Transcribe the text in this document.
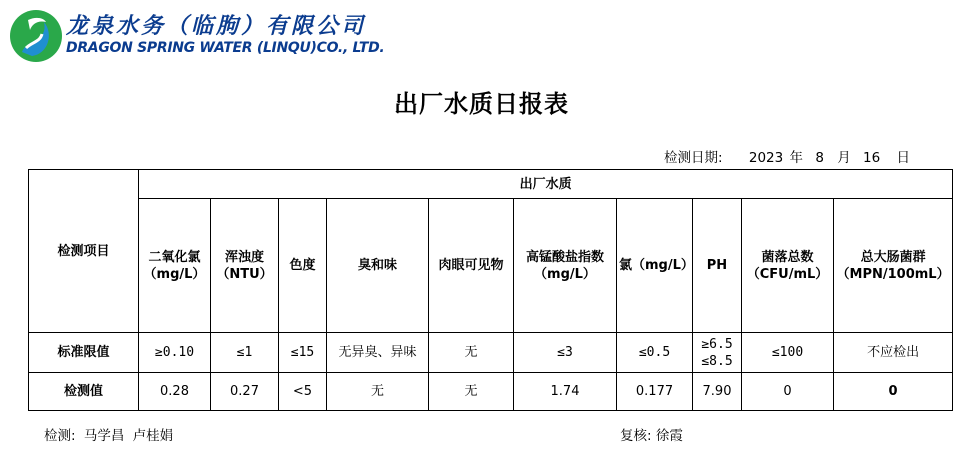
龙泉水务（临朐）有限公司
DRAGON SPRING WATER (LINQU)CO., LTD.
出厂水质日报表
检测日期: 2023 年 8 月 16 日
检测项目	出厂水质									
	二氧化氯（mg/L）	浑浊度（NTU）	色度	臭和味	肉眼可见物	高锰酸盐指数（mg/L）	氯（mg/L）	PH	菌落总数（CFU/mL）	总大肠菌群（MPN/100mL）
标准限值	≥0.10	≤1	≤15	无异臭、异味	无	≤3	≤0.5	≥6.5 ≤8.5	≤100	不应检出
检测值	0.28	0.27	<5	无	无	1.74	0.177	7.90	0	0
检测: 马学昌 卢桂娟	复核: 徐霞
